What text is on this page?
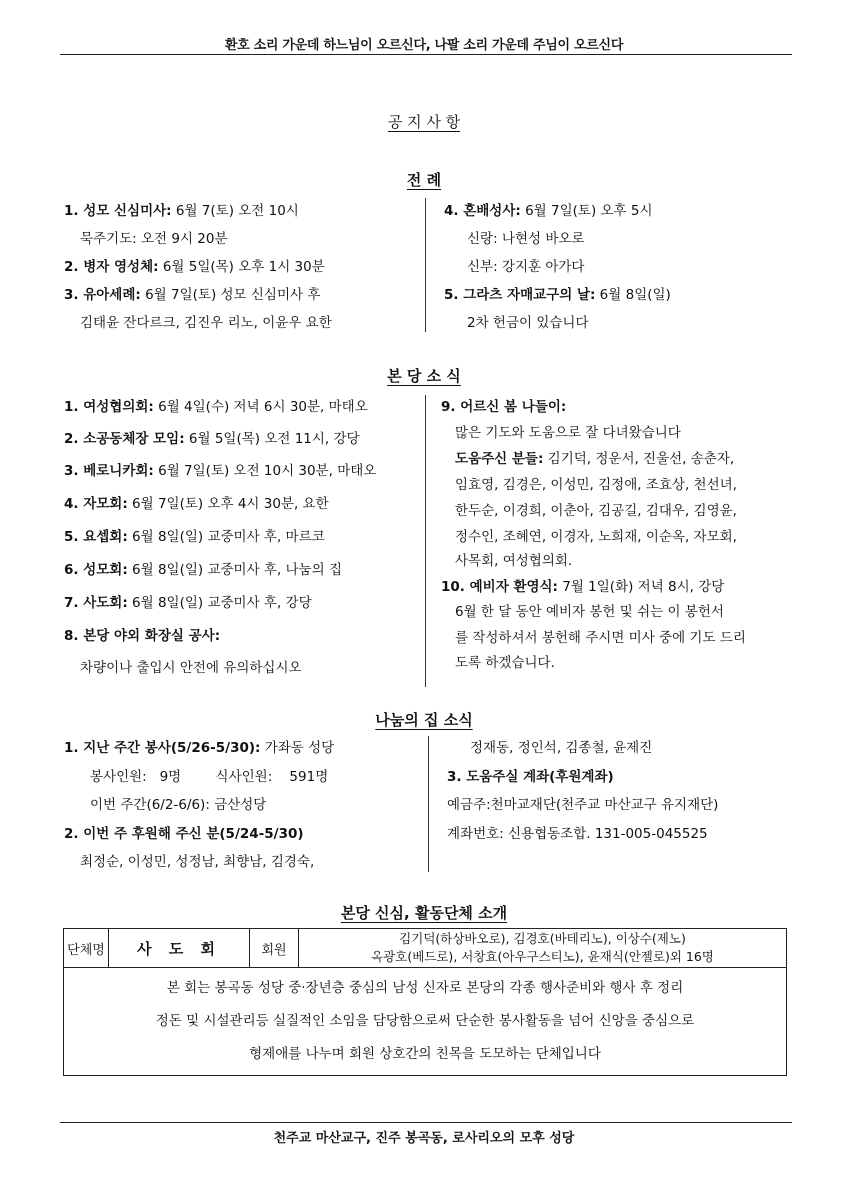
환호 소리 가운데 하느님이 오르신다, 나팔 소리 가운데 주님이 오르신다
공 지 사 항
전 례
1. 성모 신심미사: 6월 7(토) 오전 10시
묵주기도: 오전 9시 20분
2. 병자 영성체: 6월 5일(목) 오후 1시 30분
3. 유아세례: 6월 7일(토) 성모 신심미사 후
김태윤 잔다르크, 김진우 리노, 이윤우 요한
4. 혼배성사: 6월 7일(토) 오후 5시
신랑: 나현성 바오로
신부: 강지훈 아가다
5. 그라츠 자매교구의 날: 6월 8일(일)
2차 헌금이 있습니다
본 당 소 식
1. 여성협의회: 6월 4일(수) 저녁 6시 30분, 마태오
2. 소공동체장 모임: 6월 5일(목) 오전 11시, 강당
3. 베로니카회: 6월 7일(토) 오전 10시 30분, 마태오
4. 자모회: 6월 7일(토) 오후 4시 30분, 요한
5. 요셉회: 6월 8일(일) 교중미사 후, 마르코
6. 성모회: 6월 8일(일) 교중미사 후, 나눔의 집
7. 사도회: 6월 8일(일) 교중미사 후, 강당
8. 본당 야외 화장실 공사:
차량이나 출입시 안전에 유의하십시오
9. 어르신 봄 나들이:
많은 기도와 도움으로 잘 다녀왔습니다
도움주신 분들: 김기덕, 정운서, 진울선, 송춘자,
임효영, 김경은, 이성민, 김정애, 조효상, 천선녀,
한두순, 이경희, 이춘아, 김공길, 김대우, 김영윤,
정수인, 조혜연, 이경자, 노희재, 이순옥, 자모회,
사목회, 여성협의회.
10. 예비자 환영식: 7월 1일(화) 저녁 8시, 강당
6월 한 달 동안 예비자 봉헌 및 쉬는 이 봉헌서
를 작성하셔서 봉헌해 주시면 미사 중에 기도 드리
도록 하겠습니다.
나눔의 집 소식
1. 지난 주간 봉사(5/26-5/30): 가좌동 성당
봉사인원:   9명        식사인원:    591명
이번 주간(6/2-6/6): 금산성당
2. 이번 주 후원해 주신 분(5/24-5/30)
최정순, 이성민, 성정남, 최향남, 김경숙,
정재동, 정인석, 김종철, 윤제진
3. 도움주실 계좌(후원계좌)
예금주:천마교재단(천주교 마산교구 유지재단)
계좌번호: 신용협동조합. 131-005-045525
본당 신심, 활동단체 소개
단체명	사 도 회	회원	
김기덕(하상바오로), 김경호(바테리노), 이상수(제노)
옥광호(베드로), 서창효(아우구스티노), 윤재식(안젤로)외 16명

본 회는 봉곡동 성당 중·장년층 중심의 남성 신자로 본당의 각종 행사준비와 행사 후 정리
정돈 및 시설관리등 실질적인 소임을 담당함으로써 단순한 봉사활동을 넘어 신앙을 중심으로
형제애를 나누며 회원 상호간의 친목을 도모하는 단체입니다
천주교 마산교구, 진주 봉곡동, 로사리오의 모후 성당
